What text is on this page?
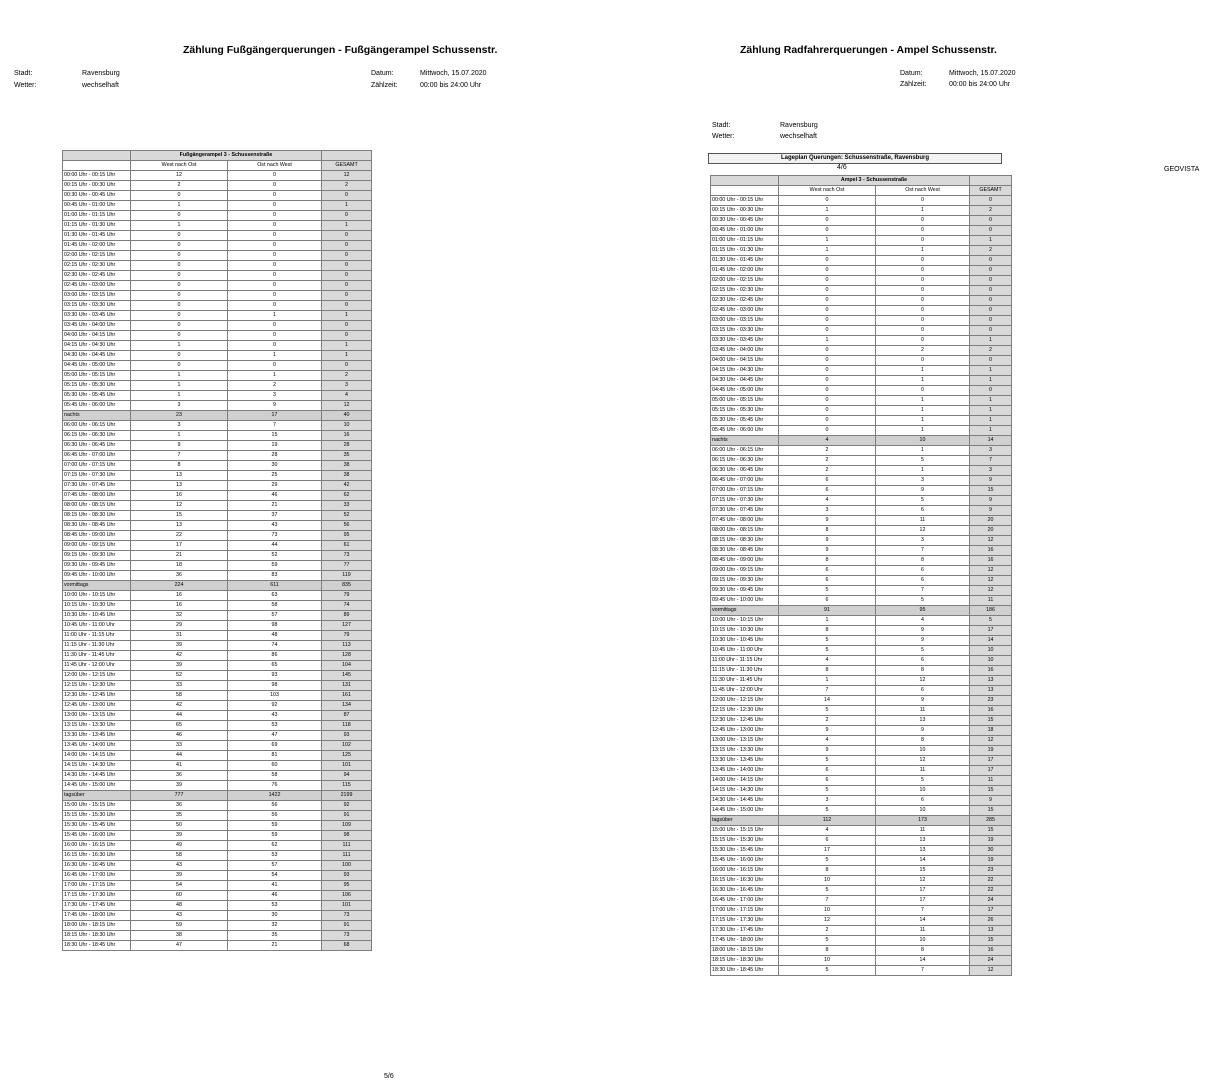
Zählung Fußgängerquerungen - Fußgängerampel Schussenstr.
Stadt:	Ravensburg
Wetter:	wechselhaft
Datum:	Mittwoch, 15.07.2020
Zählzeit:	00:00 bis 24:00 Uhr
	Fußgängerampel 3 - Schussenstraße		
	West nach Ost	Ost nach West	GESAMT
00:00 Uhr - 00:15 Uhr	12	0	12
00:15 Uhr - 00:30 Uhr	2	0	2
00:30 Uhr - 00:45 Uhr	0	0	0
00:45 Uhr - 01:00 Uhr	1	0	1
01:00 Uhr - 01:15 Uhr	0	0	0
01:15 Uhr - 01:30 Uhr	1	0	1
01:30 Uhr - 01:45 Uhr	0	0	0
01:45 Uhr - 02:00 Uhr	0	0	0
02:00 Uhr - 02:15 Uhr	0	0	0
02:15 Uhr - 02:30 Uhr	0	0	0
02:30 Uhr - 02:45 Uhr	0	0	0
02:45 Uhr - 03:00 Uhr	0	0	0
03:00 Uhr - 03:15 Uhr	0	0	0
03:15 Uhr - 03:30 Uhr	0	0	0
03:30 Uhr - 03:45 Uhr	0	1	1
03:45 Uhr - 04:00 Uhr	0	0	0
04:00 Uhr - 04:15 Uhr	0	0	0
04:15 Uhr - 04:30 Uhr	1	0	1
04:30 Uhr - 04:45 Uhr	0	1	1
04:45 Uhr - 05:00 Uhr	0	0	0
05:00 Uhr - 05:15 Uhr	1	1	2
05:15 Uhr - 05:30 Uhr	1	2	3
05:30 Uhr - 05:45 Uhr	1	3	4
05:45 Uhr - 06:00 Uhr	3	9	12
nachts	23	17	40
06:00 Uhr - 06:15 Uhr	3	7	10
06:15 Uhr - 06:30 Uhr	1	15	16
06:30 Uhr - 06:45 Uhr	9	19	28
06:45 Uhr - 07:00 Uhr	7	28	35
07:00 Uhr - 07:15 Uhr	8	30	38
07:15 Uhr - 07:30 Uhr	13	25	38
07:30 Uhr - 07:45 Uhr	13	29	42
07:45 Uhr - 08:00 Uhr	16	46	62
08:00 Uhr - 08:15 Uhr	12	21	33
08:15 Uhr - 08:30 Uhr	15	37	52
08:30 Uhr - 08:45 Uhr	13	43	56
08:45 Uhr - 09:00 Uhr	22	73	95
09:00 Uhr - 09:15 Uhr	17	44	61
09:15 Uhr - 09:30 Uhr	21	52	73
09:30 Uhr - 09:45 Uhr	18	59	77
09:45 Uhr - 10:00 Uhr	36	83	119
vormittags	224	611	835
10:00 Uhr - 10:15 Uhr	16	63	79
10:15 Uhr - 10:30 Uhr	16	58	74
10:30 Uhr - 10:45 Uhr	32	57	89
10:45 Uhr - 11:00 Uhr	29	98	127
11:00 Uhr - 11:15 Uhr	31	48	79
11:15 Uhr - 11:30 Uhr	39	74	113
11:30 Uhr - 11:45 Uhr	42	86	128
11:45 Uhr - 12:00 Uhr	39	65	104
12:00 Uhr - 12:15 Uhr	52	93	145
12:15 Uhr - 12:30 Uhr	33	98	131
12:30 Uhr - 12:45 Uhr	58	103	161
12:45 Uhr - 13:00 Uhr	42	92	134
13:00 Uhr - 13:15 Uhr	44	43	87
13:15 Uhr - 13:30 Uhr	65	53	118
13:30 Uhr - 13:45 Uhr	46	47	93
13:45 Uhr - 14:00 Uhr	33	69	102
14:00 Uhr - 14:15 Uhr	44	81	125
14:15 Uhr - 14:30 Uhr	41	60	101
14:30 Uhr - 14:45 Uhr	36	58	94
14:45 Uhr - 15:00 Uhr	39	76	115
tagsüber	777	1422	2199
15:00 Uhr - 15:15 Uhr	36	56	92
15:15 Uhr - 15:30 Uhr	35	56	91
15:30 Uhr - 15:45 Uhr	50	59	109
15:45 Uhr - 16:00 Uhr	39	59	98
16:00 Uhr - 16:15 Uhr	49	62	111
16:15 Uhr - 16:30 Uhr	58	53	111
16:30 Uhr - 16:45 Uhr	43	57	100
16:45 Uhr - 17:00 Uhr	39	54	93
17:00 Uhr - 17:15 Uhr	54	41	95
17:15 Uhr - 17:30 Uhr	60	46	106
17:30 Uhr - 17:45 Uhr	48	53	101
17:45 Uhr - 18:00 Uhr	43	30	73
18:00 Uhr - 18:15 Uhr	59	32	91
18:15 Uhr - 18:30 Uhr	38	35	73
18:30 Uhr - 18:45 Uhr	47	21	68
5/6
Zählung Radfahrerquerungen - Ampel Schussenstr.
Datum:	Mittwoch, 15.07.2020
Zählzeit:	00:00 bis 24:00 Uhr
Stadt:	Ravensburg
Wetter:	wechselhaft
Lageplan Querungen: Schussenstraße, Ravensburg
4/6	GEOVISTA
	Ampel 3 - Schussenstraße		
	West nach Ost	Ost nach West	GESAMT
00:00 Uhr - 00:15 Uhr	0	0	0
00:15 Uhr - 00:30 Uhr	1	1	2
00:30 Uhr - 00:45 Uhr	0	0	0
00:45 Uhr - 01:00 Uhr	0	0	0
01:00 Uhr - 01:15 Uhr	1	0	1
01:15 Uhr - 01:30 Uhr	1	1	2
01:30 Uhr - 01:45 Uhr	0	0	0
01:45 Uhr - 02:00 Uhr	0	0	0
02:00 Uhr - 02:15 Uhr	0	0	0
02:15 Uhr - 02:30 Uhr	0	0	0
02:30 Uhr - 02:45 Uhr	0	0	0
02:45 Uhr - 03:00 Uhr	0	0	0
03:00 Uhr - 03:15 Uhr	0	0	0
03:15 Uhr - 03:30 Uhr	0	0	0
03:30 Uhr - 03:45 Uhr	1	0	1
03:45 Uhr - 04:00 Uhr	0	2	2
04:00 Uhr - 04:15 Uhr	0	0	0
04:15 Uhr - 04:30 Uhr	0	1	1
04:30 Uhr - 04:45 Uhr	0	1	1
04:45 Uhr - 05:00 Uhr	0	0	0
05:00 Uhr - 05:15 Uhr	0	1	1
05:15 Uhr - 05:30 Uhr	0	1	1
05:30 Uhr - 05:45 Uhr	0	1	1
05:45 Uhr - 06:00 Uhr	0	1	1
nachts	4	10	14
06:00 Uhr - 06:15 Uhr	2	1	3
06:15 Uhr - 06:30 Uhr	2	5	7
06:30 Uhr - 06:45 Uhr	2	1	3
06:45 Uhr - 07:00 Uhr	6	3	9
07:00 Uhr - 07:15 Uhr	6	9	15
07:15 Uhr - 07:30 Uhr	4	5	9
07:30 Uhr - 07:45 Uhr	3	6	9
07:45 Uhr - 08:00 Uhr	9	11	20
08:00 Uhr - 08:15 Uhr	8	12	20
08:15 Uhr - 08:30 Uhr	9	3	12
08:30 Uhr - 08:45 Uhr	9	7	16
08:45 Uhr - 09:00 Uhr	8	8	16
09:00 Uhr - 09:15 Uhr	6	6	12
09:15 Uhr - 09:30 Uhr	6	6	12
09:30 Uhr - 09:45 Uhr	5	7	12
09:45 Uhr - 10:00 Uhr	6	5	11
vormittags	91	95	186
10:00 Uhr - 10:15 Uhr	1	4	5
10:15 Uhr - 10:30 Uhr	8	9	17
10:30 Uhr - 10:45 Uhr	5	9	14
10:45 Uhr - 11:00 Uhr	5	5	10
11:00 Uhr - 11:15 Uhr	4	6	10
11:15 Uhr - 11:30 Uhr	8	8	16
11:30 Uhr - 11:45 Uhr	1	12	13
11:45 Uhr - 12:00 Uhr	7	6	13
12:00 Uhr - 12:15 Uhr	14	9	23
12:15 Uhr - 12:30 Uhr	5	11	16
12:30 Uhr - 12:45 Uhr	2	13	15
12:45 Uhr - 13:00 Uhr	9	9	18
13:00 Uhr - 13:15 Uhr	4	8	12
13:15 Uhr - 13:30 Uhr	9	10	19
13:30 Uhr - 13:45 Uhr	5	12	17
13:45 Uhr - 14:00 Uhr	6	11	17
14:00 Uhr - 14:15 Uhr	6	5	11
14:15 Uhr - 14:30 Uhr	5	10	15
14:30 Uhr - 14:45 Uhr	3	6	9
14:45 Uhr - 15:00 Uhr	5	10	15
tagsüber	112	173	285
15:00 Uhr - 15:15 Uhr	4	11	15
15:15 Uhr - 15:30 Uhr	6	13	19
15:30 Uhr - 15:45 Uhr	17	13	30
15:45 Uhr - 16:00 Uhr	5	14	19
16:00 Uhr - 16:15 Uhr	8	15	23
16:15 Uhr - 16:30 Uhr	10	12	22
16:30 Uhr - 16:45 Uhr	5	17	22
16:45 Uhr - 17:00 Uhr	7	17	24
17:00 Uhr - 17:15 Uhr	10	7	17
17:15 Uhr - 17:30 Uhr	12	14	26
17:30 Uhr - 17:45 Uhr	2	11	13
17:45 Uhr - 18:00 Uhr	5	10	15
18:00 Uhr - 18:15 Uhr	8	8	16
18:15 Uhr - 18:30 Uhr	10	14	24
18:30 Uhr - 18:45 Uhr	5	7	12
